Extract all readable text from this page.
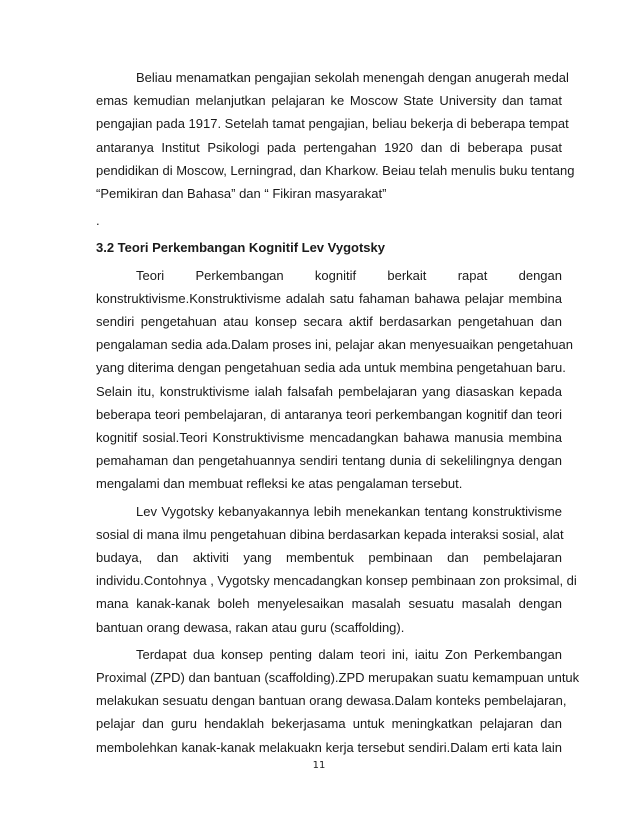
Beliau menamatkan pengajian sekolah menengah dengan anugerah medal
emas kemudian melanjutkan pelajaran ke Moscow State University dan tamat
pengajian pada 1917. Setelah tamat pengajian, beliau bekerja di beberapa tempat
antaranya Institut Psikologi pada pertengahan 1920 dan di beberapa pusat
pendidikan di Moscow, Lerningrad, dan Kharkow. Beiau telah menulis buku tentang
“Pemikiran dan Bahasa” dan “ Fikiran masyarakat”
.
3.2 Teori Perkembangan Kognitif Lev Vygotsky
Teori Perkembangan kognitif berkait rapat dengan
konstruktivisme.Konstruktivisme adalah satu fahaman bahawa pelajar membina
sendiri pengetahuan atau konsep secara aktif berdasarkan pengetahuan dan
pengalaman sedia ada.Dalam proses ini, pelajar akan menyesuaikan pengetahuan
yang diterima dengan pengetahuan sedia ada untuk membina pengetahuan baru.
Selain itu, konstruktivisme ialah falsafah pembelajaran yang diasaskan kepada
beberapa teori pembelajaran, di antaranya teori perkembangan kognitif dan teori
kognitif sosial.Teori Konstruktivisme mencadangkan bahawa manusia membina
pemahaman dan pengetahuannya sendiri tentang dunia di sekelilingnya dengan
mengalami dan membuat refleksi ke atas pengalaman tersebut.
Lev Vygotsky kebanyakannya lebih menekankan tentang konstruktivisme
sosial di mana ilmu pengetahuan dibina berdasarkan kepada interaksi sosial, alat
budaya, dan aktiviti yang membentuk pembinaan dan pembelajaran
individu.Contohnya , Vygotsky mencadangkan konsep pembinaan zon proksimal, di
mana kanak-kanak boleh menyelesaikan masalah sesuatu masalah dengan
bantuan orang dewasa, rakan atau guru (scaffolding).
Terdapat dua konsep penting dalam teori ini, iaitu Zon Perkembangan
Proximal (ZPD) dan bantuan (scaffolding).ZPD merupakan suatu kemampuan untuk
melakukan sesuatu dengan bantuan orang dewasa.Dalam konteks pembelajaran,
pelajar dan guru hendaklah bekerjasama untuk meningkatkan pelajaran dan
membolehkan kanak-kanak melakuakn kerja tersebut sendiri.Dalam erti kata lain
11
